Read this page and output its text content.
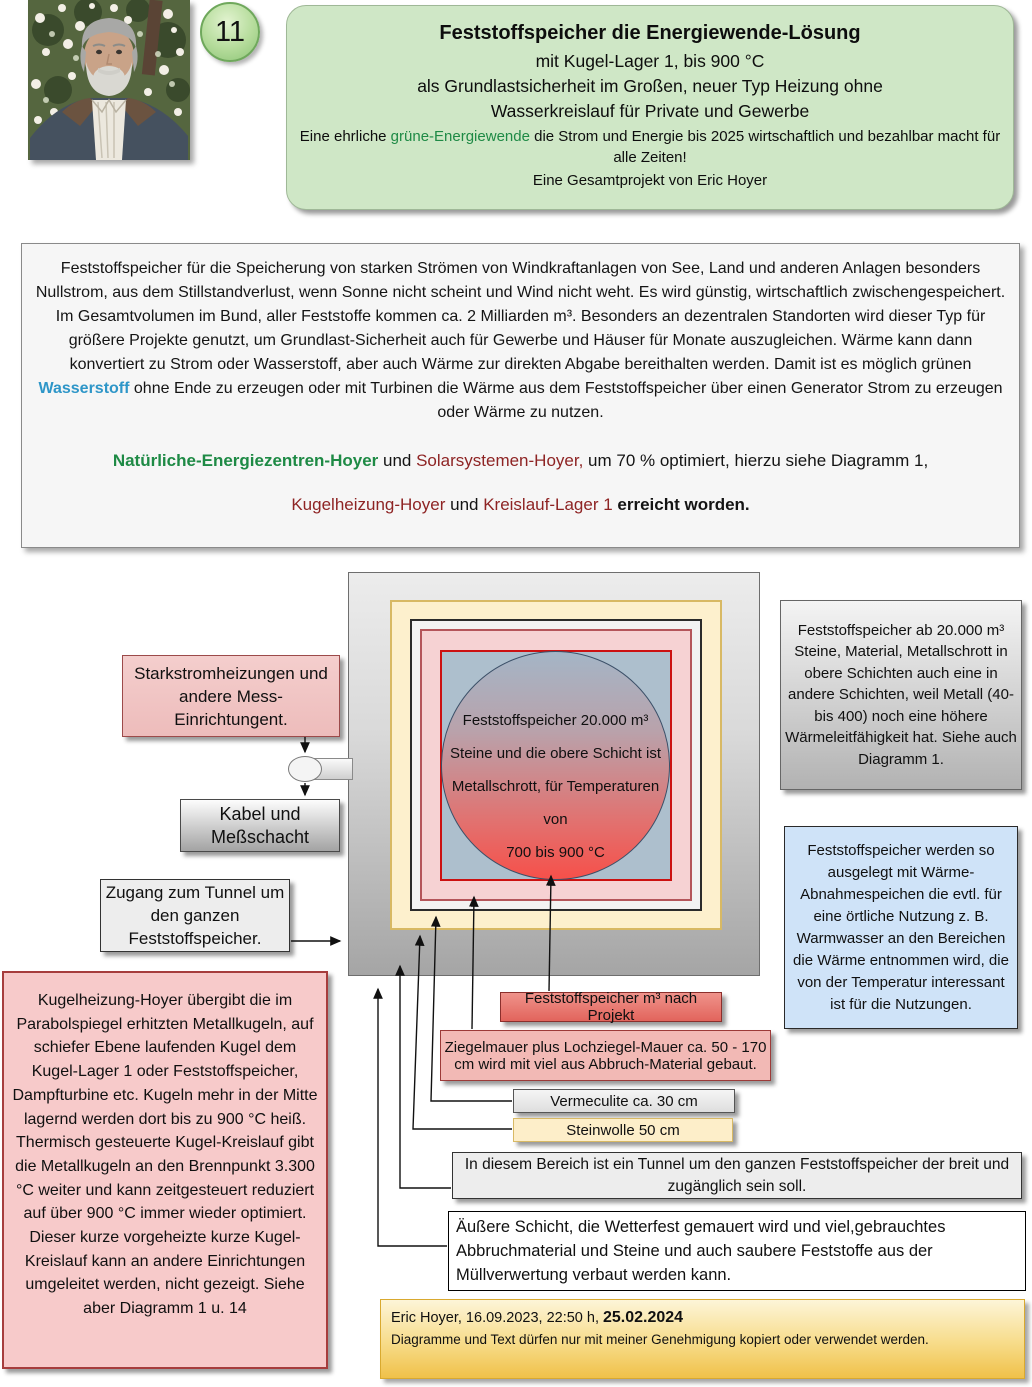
11	Feststoffspeicher die Energiewende-Lösung
mit Kugel-Lager 1, bis 900 °C
als Grundlastsicherheit im Großen, neuer Typ Heizung ohne
Wasserkreislauf für Private und Gewerbe
Eine ehrliche grüne-Energiewende die Strom und Energie bis 2025 wirtschaftlich und bezahlbar macht für alle Zeiten!
Eine Gesamtprojekt von Eric Hoyer
Feststoffspeicher für die Speicherung von starken Strömen von Windkraftanlagen von See, Land und anderen Anlagen besonders Nullstrom, aus dem Stillstandverlust, wenn Sonne nicht scheint und Wind nicht weht. Es wird günstig, wirtschaftlich zwischengespeichert. Im Gesamtvolumen im Bund, aller Feststoffe kommen ca. 2 Milliarden m³. Besonders an dezentralen Standorten wird dieser Typ für größere Projekte genutzt, um Grundlast-Sicherheit auch für Gewerbe und Häuser für Monate auszugleichen. Wärme kann dann konvertiert zu Strom oder Wasserstoff, aber auch Wärme zur direkten Abgabe bereithalten werden. Damit ist es möglich grünen Wasserstoff ohne Ende zu erzeugen oder mit Turbinen die Wärme aus dem Feststoffspeicher über einen Generator Strom zu erzeugen oder Wärme zu nutzen.
Natürliche-Energiezentren-Hoyer und Solarsystemen-Hoyer, um 70 % optimiert, hierzu siehe Diagramm 1,
Kugelheizung-Hoyer und Kreislauf-Lager 1 erreicht worden.
Feststoffspeicher 20.000 m³
Steine und die obere Schicht ist
Metallschrott, für Temperaturen von
700 bis 900 °C
Starkstromheizungen und andere Mess-Einrichtungent.
Kabel und Meßschacht
Zugang zum Tunnel um den ganzen Feststoffspeicher.
Feststoffspeicher ab 20.000 m³ Steine, Material, Metallschrott in obere Schichten auch eine in andere Schichten, weil Metall (40-bis 400) noch eine höhere Wärmeleitfähigkeit hat. Siehe auch Diagramm 1.
Feststoffspeicher werden so ausgelegt mit Wärme-Abnahmespeichen die evtl. für eine örtliche Nutzung z. B. Warmwasser an den Bereichen die Wärme entnommen wird, die von der Temperatur interessant ist für die Nutzungen.
Kugelheizung-Hoyer übergibt die im Parabolspiegel erhitzten Metallkugeln, auf schiefer Ebene laufenden Kugel dem Kugel-Lager 1 oder Feststoffspeicher, Dampfturbine etc. Kugeln mehr in der Mitte lagernd werden dort bis zu 900 °C heiß. Thermisch gesteuerte Kugel-Kreislauf gibt die Metallkugeln an den Brennpunkt 3.300 °C weiter und kann zeitgesteuert reduziert auf über 900 °C immer wieder optimiert. Dieser kurze vorgeheizte kurze Kugel-Kreislauf kann an andere Einrichtungen umgeleitet werden, nicht gezeigt. Siehe aber Diagramm 1 u. 14
Feststoffspeicher m³ nach Projekt
Ziegelmauer plus Lochziegel-Mauer ca. 50 - 170 cm wird mit viel aus Abbruch-Material gebaut.
Vermeculite ca. 30 cm
Steinwolle 50 cm
In diesem Bereich ist ein Tunnel um den ganzen Feststoffspeicher der breit und zugänglich sein soll.
Äußere Schicht, die Wetterfest gemauert wird und viel,gebrauchtes Abbruchmaterial und Steine und auch saubere Feststoffe aus der Müllverwertung verbaut werden kann.
Eric Hoyer, 16.09.2023, 22:50 h, 25.02.2024
Diagramme und Text dürfen nur mit meiner Genehmigung kopiert oder verwendet werden.
